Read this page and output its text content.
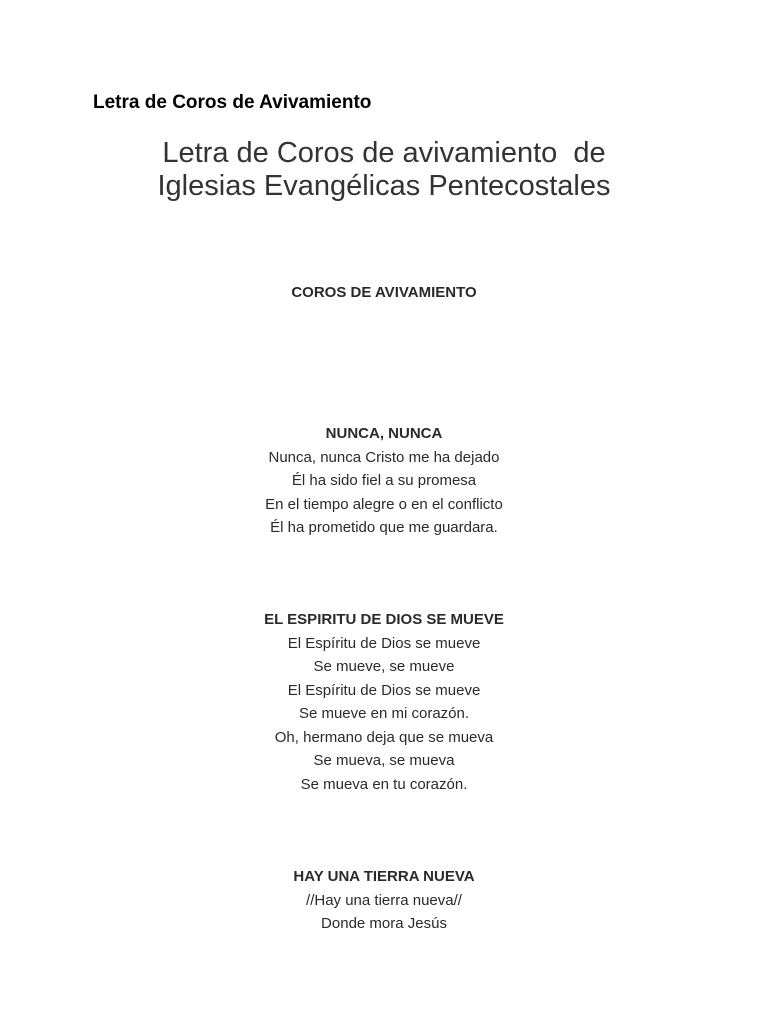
Letra de Coros de Avivamiento
Letra de Coros de avivamiento  de
Iglesias Evangélicas Pentecostales
COROS DE AVIVAMIENTO

NUNCA, NUNCA

Nunca, nunca Cristo me ha dejado

Él ha sido fiel a su promesa

En el tiempo alegre o en el conflicto

Él ha prometido que me guardara.

EL ESPIRITU DE DIOS SE MUEVE

El Espíritu de Dios se mueve

Se mueve, se mueve

El Espíritu de Dios se mueve

Se mueve en mi corazón.

Oh, hermano deja que se mueva

Se mueva, se mueva

Se mueva en tu corazón.

HAY UNA TIERRA NUEVA

//Hay una tierra nueva//

Donde mora Jesús
